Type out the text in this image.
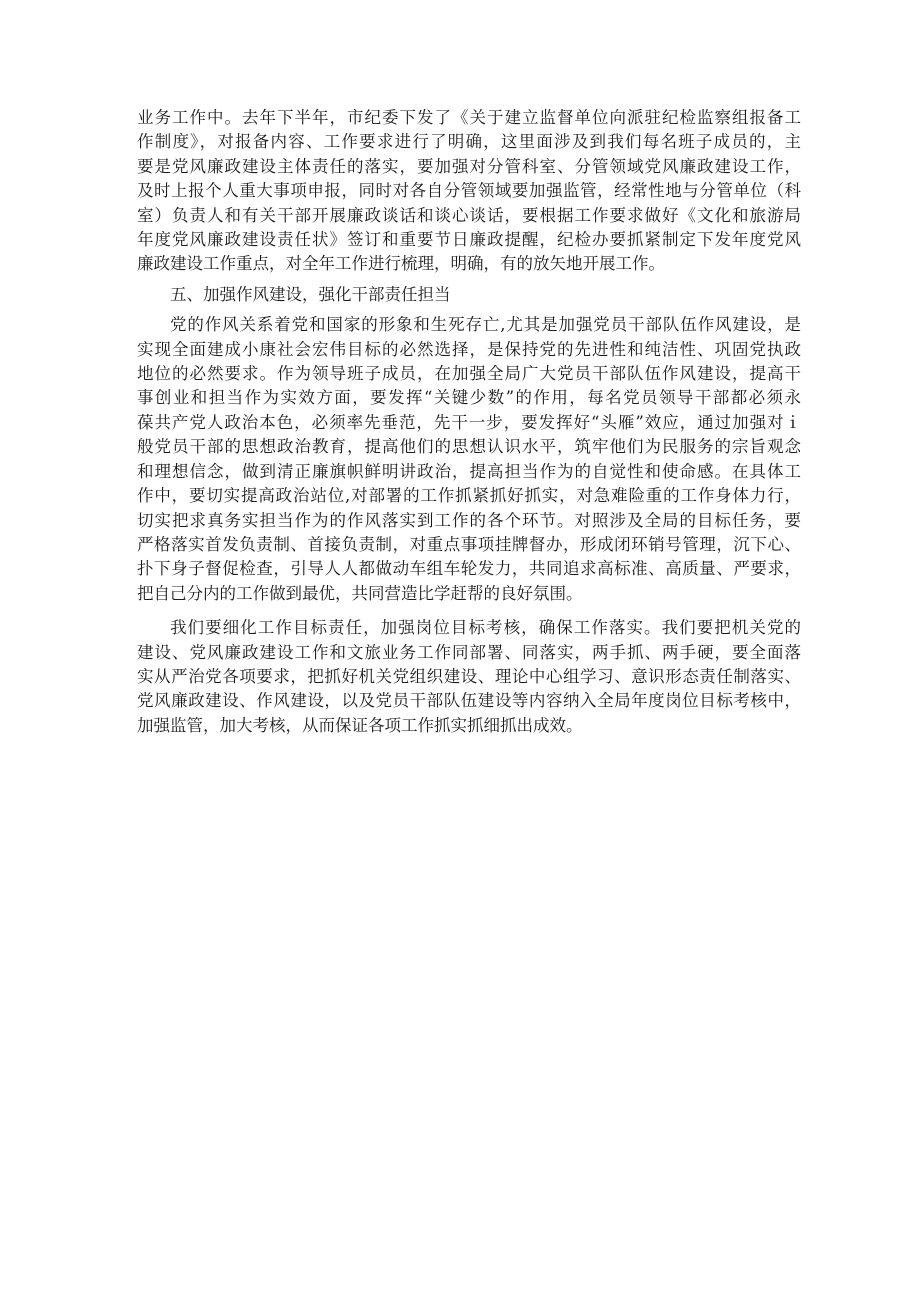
业务工作中。去年下半年，市纪委下发了《关于建立监督单位向派驻纪检监察组报备工
作制度》，对报备内容、工作要求进行了明确，这里面涉及到我们每名班子成员的，主
要是党风廉政建设主体责任的落实，要加强对分管科室、分管领域党风廉政建设工作，
及时上报个人重大事项申报，同时对各自分管领域要加强监管，经常性地与分管单位（科
室）负责人和有关干部开展廉政谈话和谈心谈话，要根据工作要求做好《文化和旅游局
年度党风廉政建设责任状》签订和重要节日廉政提醒，纪检办要抓紧制定下发年度党风
廉政建设工作重点，对全年工作进行梳理，明确，有的放矢地开展工作。

五、加强作风建设，强化干部责任担当

党的作风关系着党和国家的形象和生死存亡,尤其是加强党员干部队伍作风建设，是
实现全面建成小康社会宏伟目标的必然选择，是保持党的先进性和纯洁性、巩固党执政
地位的必然要求。作为领导班子成员，在加强全局广大党员干部队伍作风建设，提高干
事创业和担当作为实效方面，要发挥“关键少数”的作用，每名党员领导干部都必须永
葆共产党人政治本色，必须率先垂范，先干一步，要发挥好“头雁”效应，通过加强对ｉ
般党员干部的思想政治教育，提高他们的思想认识水平，筑牢他们为民服务的宗旨观念
和理想信念，做到清正廉旗帜鲜明讲政治，提高担当作为的自觉性和使命感。在具体工
作中，要切实提高政治站位,对部署的工作抓紧抓好抓实，对急难险重的工作身体力行，
切实把求真务实担当作为的作风落实到工作的各个环节。对照涉及全局的目标任务，要
严格落实首发负责制、首接负责制，对重点事项挂牌督办，形成闭环销号管理，沉下心、
扑下身子督促检查，引导人人都做动车组车轮发力，共同追求高标准、高质量、严要求，
把自己分内的工作做到最优，共同营造比学赶帮的良好氛围。

我们要细化工作目标责任，加强岗位目标考核，确保工作落实。我们要把机关党的
建设、党风廉政建设工作和文旅业务工作同部署、同落实，两手抓、两手硬，要全面落
实从严治党各项要求，把抓好机关党组织建设、理论中心组学习、意识形态责任制落实、
党风廉政建设、作风建设，以及党员干部队伍建设等内容纳入全局年度岗位目标考核中，
加强监管，加大考核，从而保证各项工作抓实抓细抓出成效。
